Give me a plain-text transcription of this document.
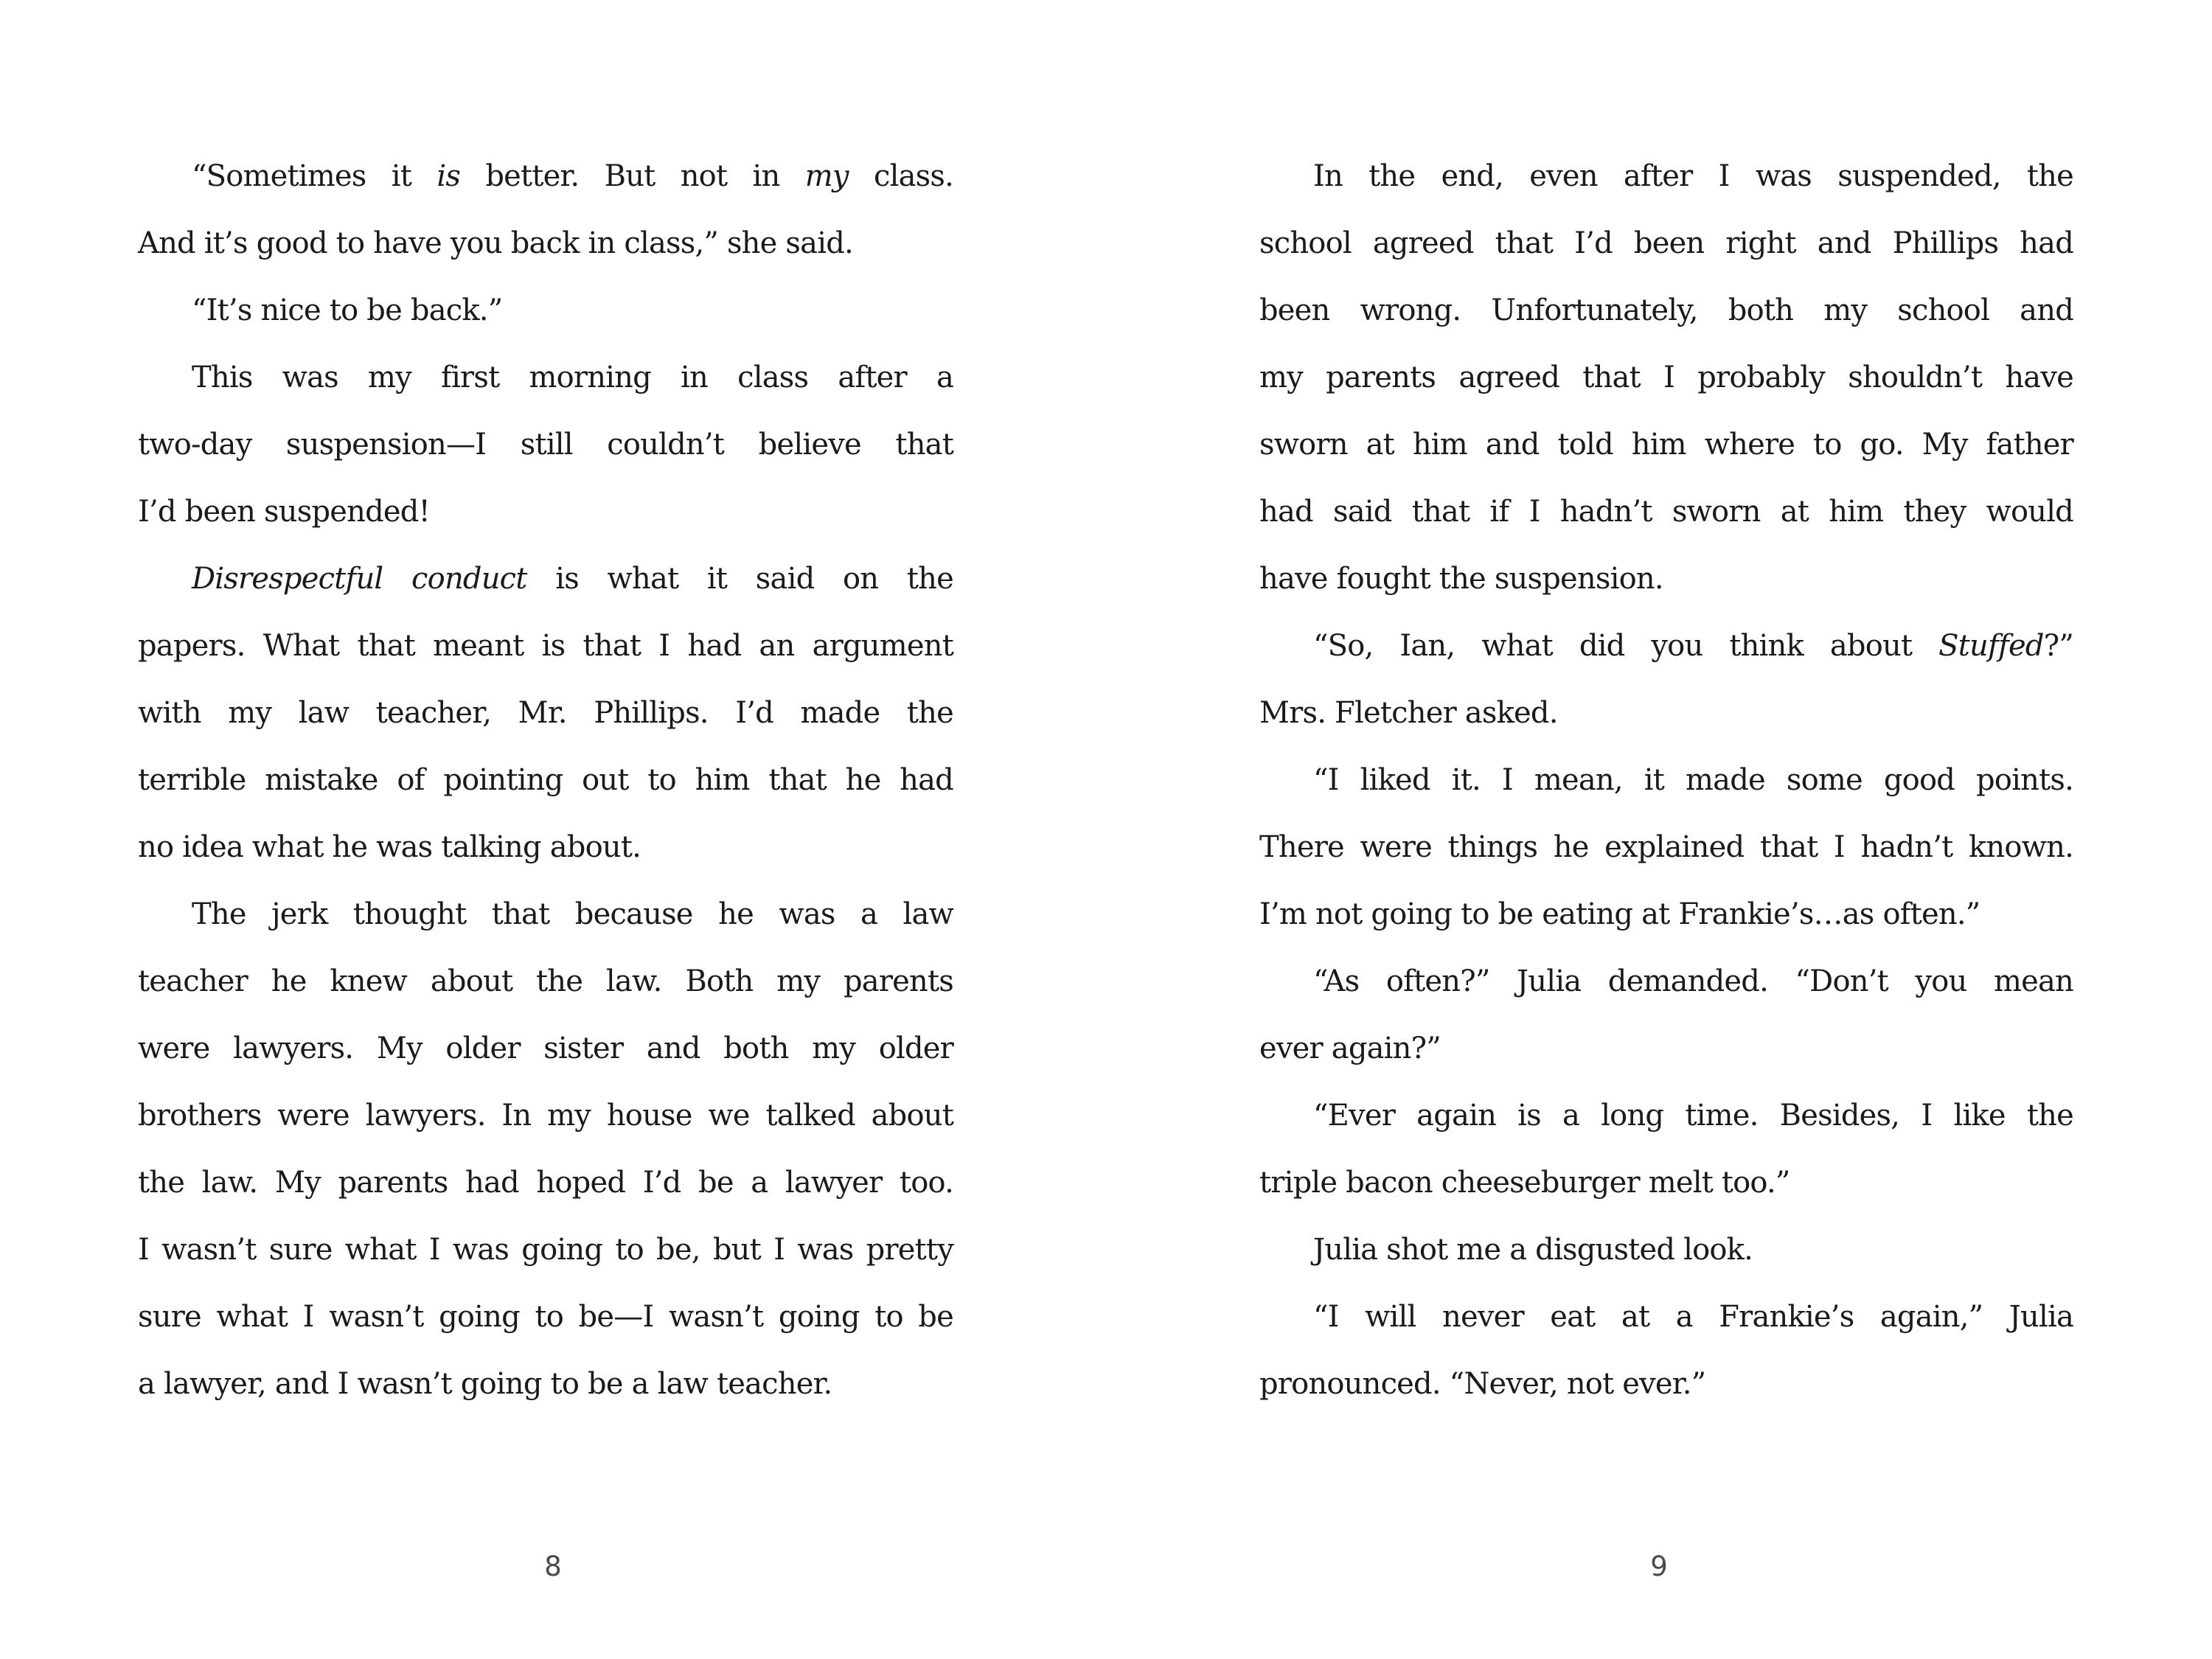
“Sometimes it is better. But not in my class.
And it’s good to have you back in class,” she said.
“It’s nice to be back.”
This was my first morning in class after a
two-day suspension—I still couldn’t believe that
I’d been suspended!
Disrespectful conduct is what it said on the
papers. What that meant is that I had an argument
with my law teacher, Mr. Phillips. I’d made the
terrible mistake of pointing out to him that he had
no idea what he was talking about.
The jerk thought that because he was a law
teacher he knew about the law. Both my parents
were lawyers. My older sister and both my older
brothers were lawyers. In my house we talked about
the law. My parents had hoped I’d be a lawyer too.
I wasn’t sure what I was going to be, but I was pretty
sure what I wasn’t going to be—I wasn’t going to be
a lawyer, and I wasn’t going to be a law teacher.
8
In the end, even after I was suspended, the
school agreed that I’d been right and Phillips had
been wrong. Unfortunately, both my school and
my parents agreed that I probably shouldn’t have
sworn at him and told him where to go. My father
had said that if I hadn’t sworn at him they would
have fought the suspension.
“So, Ian, what did you think about Stuffed?”
Mrs. Fletcher asked.
“I liked it. I mean, it made some good points.
There were things he explained that I hadn’t known.
I’m not going to be eating at Frankie’s…as often.”
“As often?” Julia demanded. “Don’t you mean
ever again?”
“Ever again is a long time. Besides, I like the
triple bacon cheeseburger melt too.”
Julia shot me a disgusted look.
“I will never eat at a Frankie’s again,” Julia
pronounced. “Never, not ever.”
9
